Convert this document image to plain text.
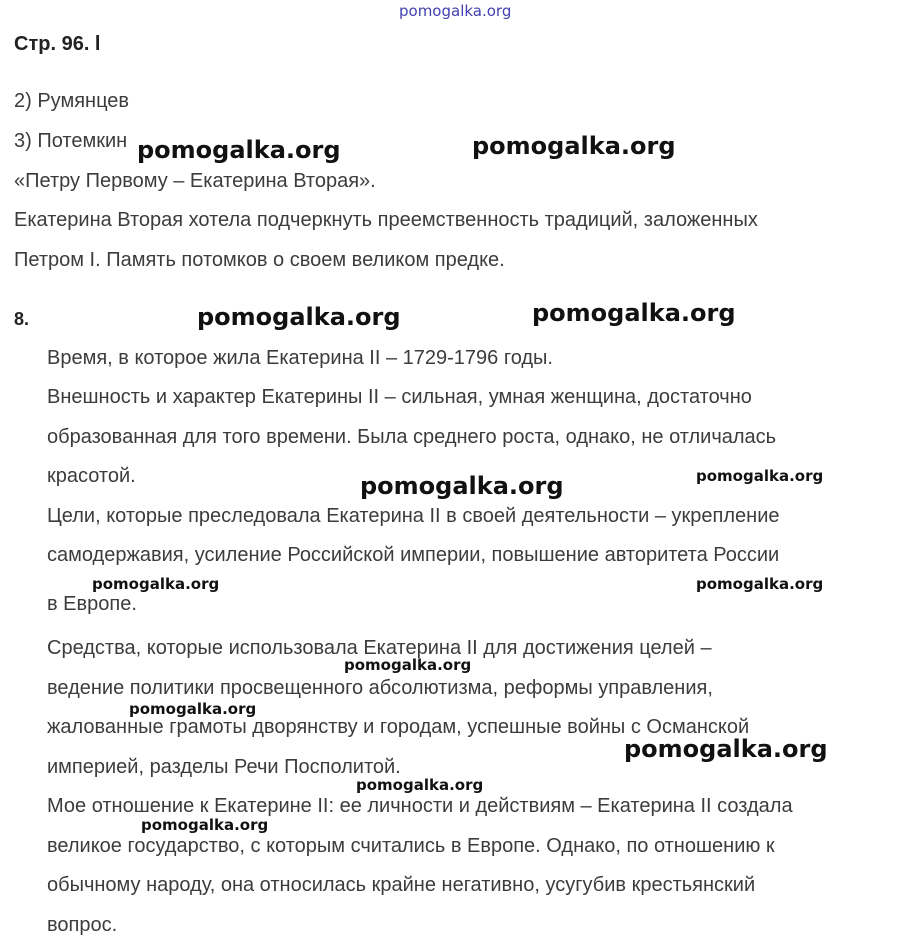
pomogalka.org
Стр. 96. l
2) Румянцев
3) Потемкин
«Петру Первому – Екатерина Вторая».
Екатерина Вторая хотела подчеркнуть преемственность традиций, заложенных
Петром I. Память потомков о своем великом предке.
8.
Время, в которое жила Екатерина II – 1729-1796 годы.
Внешность и характер Екатерины II – сильная, умная женщина, достаточно
образованная для того времени. Была среднего роста, однако, не отличалась
красотой.
Цели, которые преследовала Екатерина II в своей деятельности – укрепление
самодержавия, усиление Российской империи, повышение авторитета России
в Европе.
Средства, которые использовала Екатерина II для достижения целей –
ведение политики просвещенного абсолютизма, реформы управления,
жалованные грамоты дворянству и городам, успешные войны с Османской
империей, разделы Речи Посполитой.
Мое отношение к Екатерине II: ее личности и действиям – Екатерина II создала
великое государство, с которым считались в Европе. Однако, по отношению к
обычному народу, она относилась крайне негативно, усугубив крестьянский
вопрос.
pomogalka.org	pomogalka.org
pomogalka.org	pomogalka.org
pomogalka.org	pomogalka.org
pomogalka.org	pomogalka.org
pomogalka.org
pomogalka.org
pomogalka.org
pomogalka.org
pomogalka.org
